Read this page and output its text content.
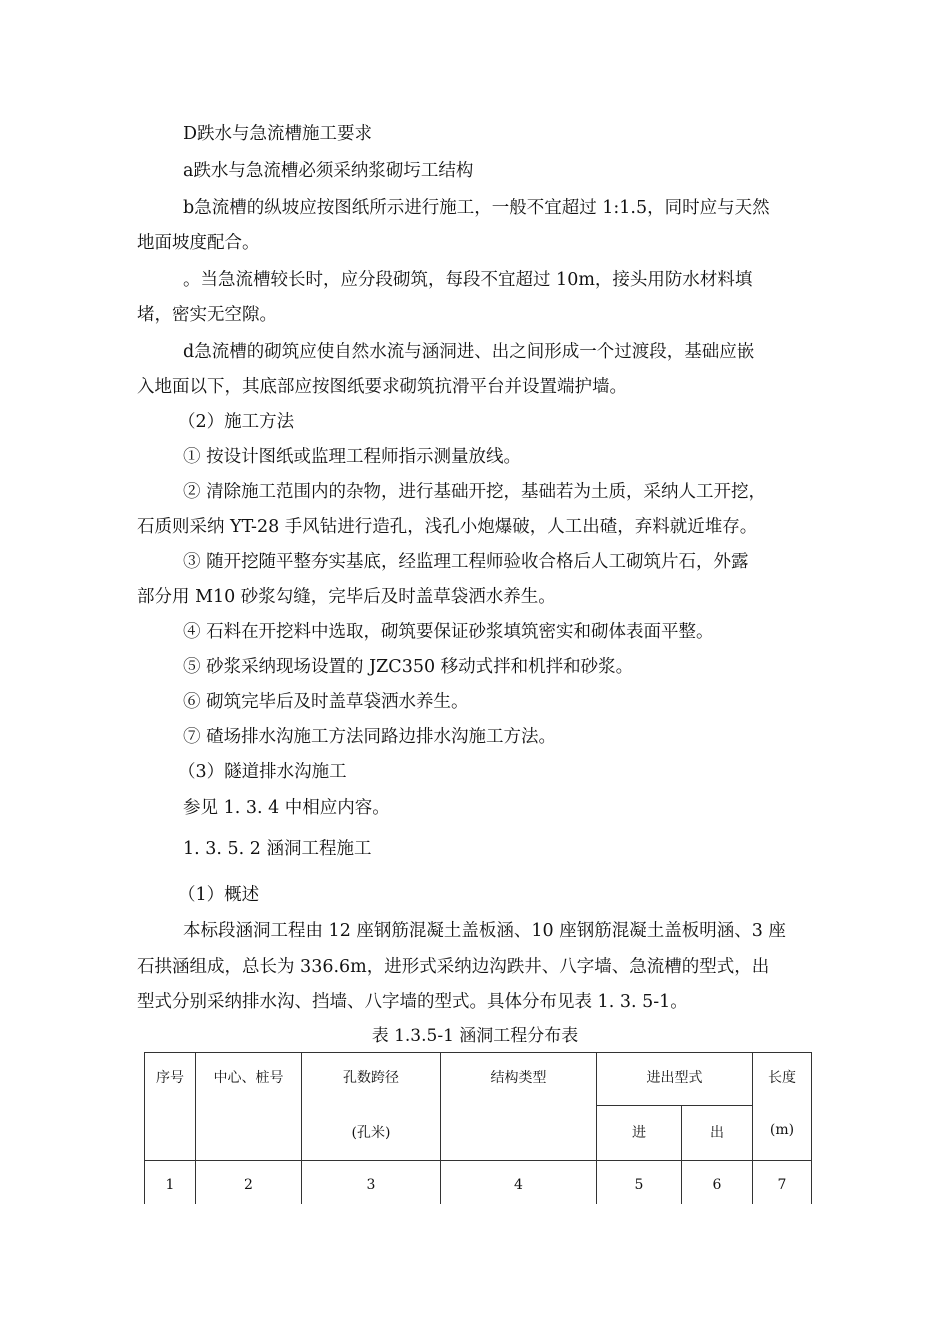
D跌水与急流槽施工要求
a跌水与急流槽必须采纳浆砌圬工结构
b急流槽的纵坡应按图纸所示进行施工，一般不宜超过 1:1.5，同时应与天然
地面坡度配合。
。当急流槽较长时，应分段砌筑，每段不宜超过 10m，接头用防水材料填
堵，密实无空隙。
d急流槽的砌筑应使自然水流与涵洞进、出之间形成一个过渡段，基础应嵌
入地面以下，其底部应按图纸要求砌筑抗滑平台并设置端护墙。
（2）施工方法
① 按设计图纸或监理工程师指示测量放线。
② 清除施工范围内的杂物，进行基础开挖，基础若为土质，采纳人工开挖，
石质则采纳 YT-28 手风钻进行造孔，浅孔小炮爆破，人工出碴，弃料就近堆存。
③ 随开挖随平整夯实基底，经监理工程师验收合格后人工砌筑片石，外露
部分用 M10 砂浆勾缝，完毕后及时盖草袋洒水养生。
④ 石料在开挖料中选取，砌筑要保证砂浆填筑密实和砌体表面平整。
⑤ 砂浆采纳现场设置的 JZC350 移动式拌和机拌和砂浆。
⑥ 砌筑完毕后及时盖草袋洒水养生。
⑦ 碴场排水沟施工方法同路边排水沟施工方法。
（3）隧道排水沟施工
参见 1. 3. 4 中相应内容。
1. 3. 5. 2 涵洞工程施工
（1）概述
本标段涵洞工程由 12 座钢筋混凝土盖板涵、10 座钢筋混凝土盖板明涵、3 座
石拱涵组成，总长为 336.6m，进形式采纳边沟跌井、八字墙、急流槽的型式，出
型式分别采纳排水沟、挡墙、八字墙的型式。具体分布见表 1. 3. 5-1。
表 1.3.5-1 涵洞工程分布表
序号	中心、桩号	孔数跨径	结构类型	进出型式		长度
		(孔米)		进	出	(m)
1	2	3	4	5	6	7
